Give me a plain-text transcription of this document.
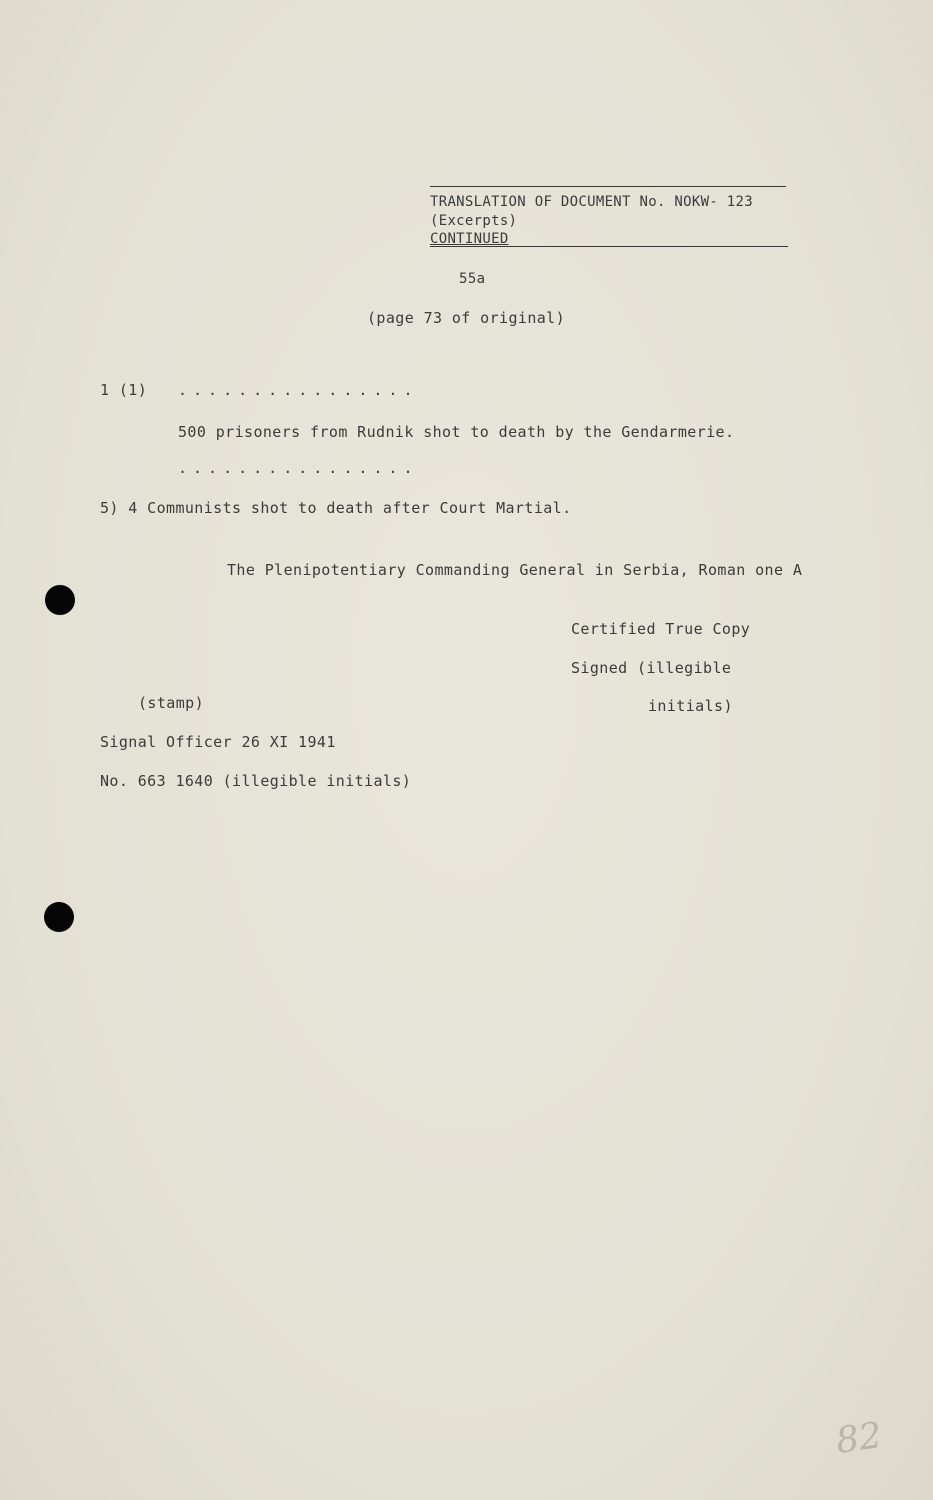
TRANSLATION OF DOCUMENT No. NOKW- 123
(Excerpts)
CONTINUED
55a
(page 73 of original)
1 (1) ................
500 prisoners from Rudnik shot to death by the Gendarmerie.
................
5) 4 Communists shot to death after Court Martial.
The Plenipotentiary Commanding General in Serbia, Roman one A
Certified True Copy
Signed (illegible
initials)
(stamp)
Signal Officer 26 XI 1941
No. 663 1640 (illegible initials)
82
